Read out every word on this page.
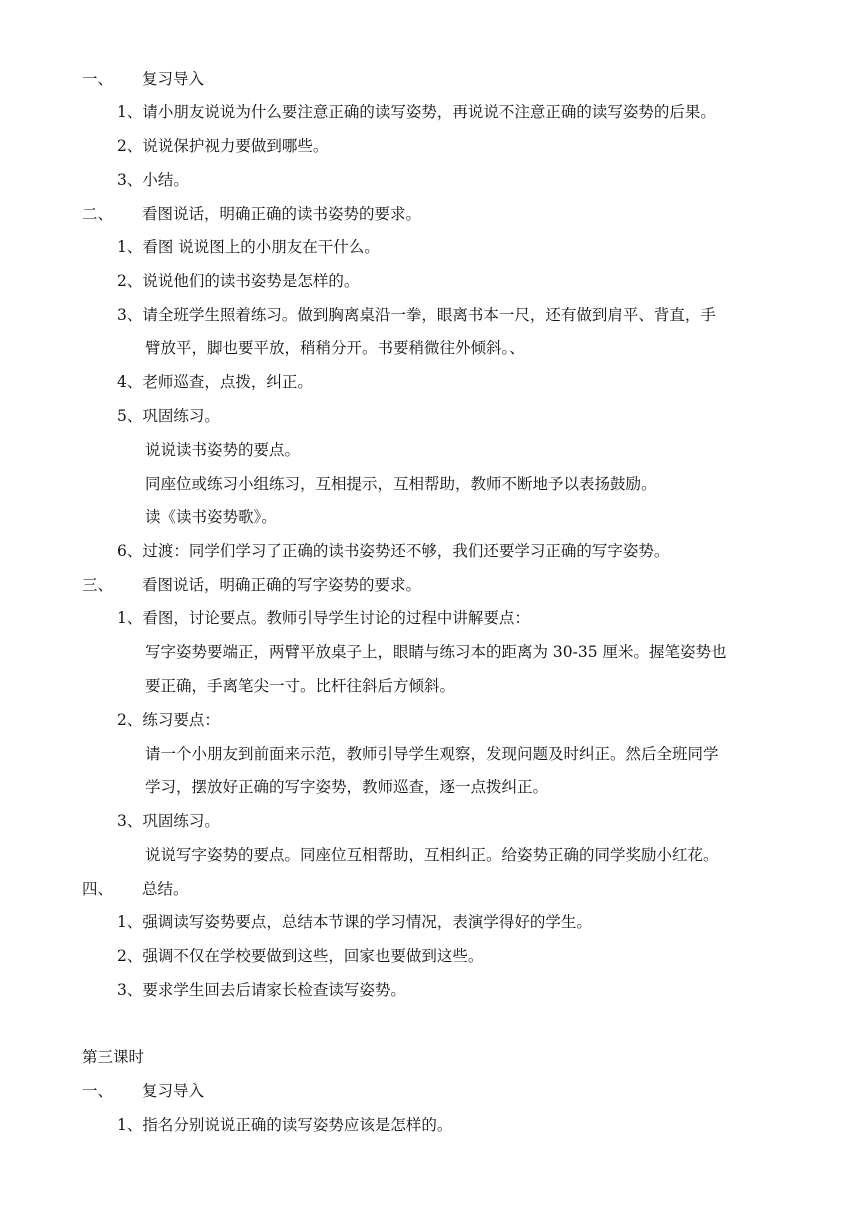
一、 复习导入
1、请小朋友说说为什么要注意正确的读写姿势，再说说不注意正确的读写姿势的后果。
2、说说保护视力要做到哪些。
3、小结。
二、 看图说话，明确正确的读书姿势的要求。
1、看图 说说图上的小朋友在干什么。
2、说说他们的读书姿势是怎样的。
3、请全班学生照着练习。做到胸离桌沿一拳，眼离书本一尺，还有做到肩平、背直，手
臂放平，脚也要平放，稍稍分开。书要稍微往外倾斜。、
4、老师巡查，点拨，纠正。
5、巩固练习。
说说读书姿势的要点。
同座位或练习小组练习，互相提示，互相帮助，教师不断地予以表扬鼓励。
读《读书姿势歌》。
6、过渡：同学们学习了正确的读书姿势还不够，我们还要学习正确的写字姿势。
三、 看图说话，明确正确的写字姿势的要求。
1、看图，讨论要点。教师引导学生讨论的过程中讲解要点：
写字姿势要端正，两臂平放桌子上，眼睛与练习本的距离为 30-35 厘米。握笔姿势也
要正确，手离笔尖一寸。比杆往斜后方倾斜。
2、练习要点：
请一个小朋友到前面来示范，教师引导学生观察，发现问题及时纠正。然后全班同学
学习，摆放好正确的写字姿势，教师巡查，逐一点拨纠正。
3、巩固练习。
说说写字姿势的要点。同座位互相帮助，互相纠正。给姿势正确的同学奖励小红花。
四、 总结。
1、强调读写姿势要点，总结本节课的学习情况，表演学得好的学生。
2、强调不仅在学校要做到这些，回家也要做到这些。
3、要求学生回去后请家长检查读写姿势。
第三课时
一、 复习导入
1、指名分别说说正确的读写姿势应该是怎样的。
